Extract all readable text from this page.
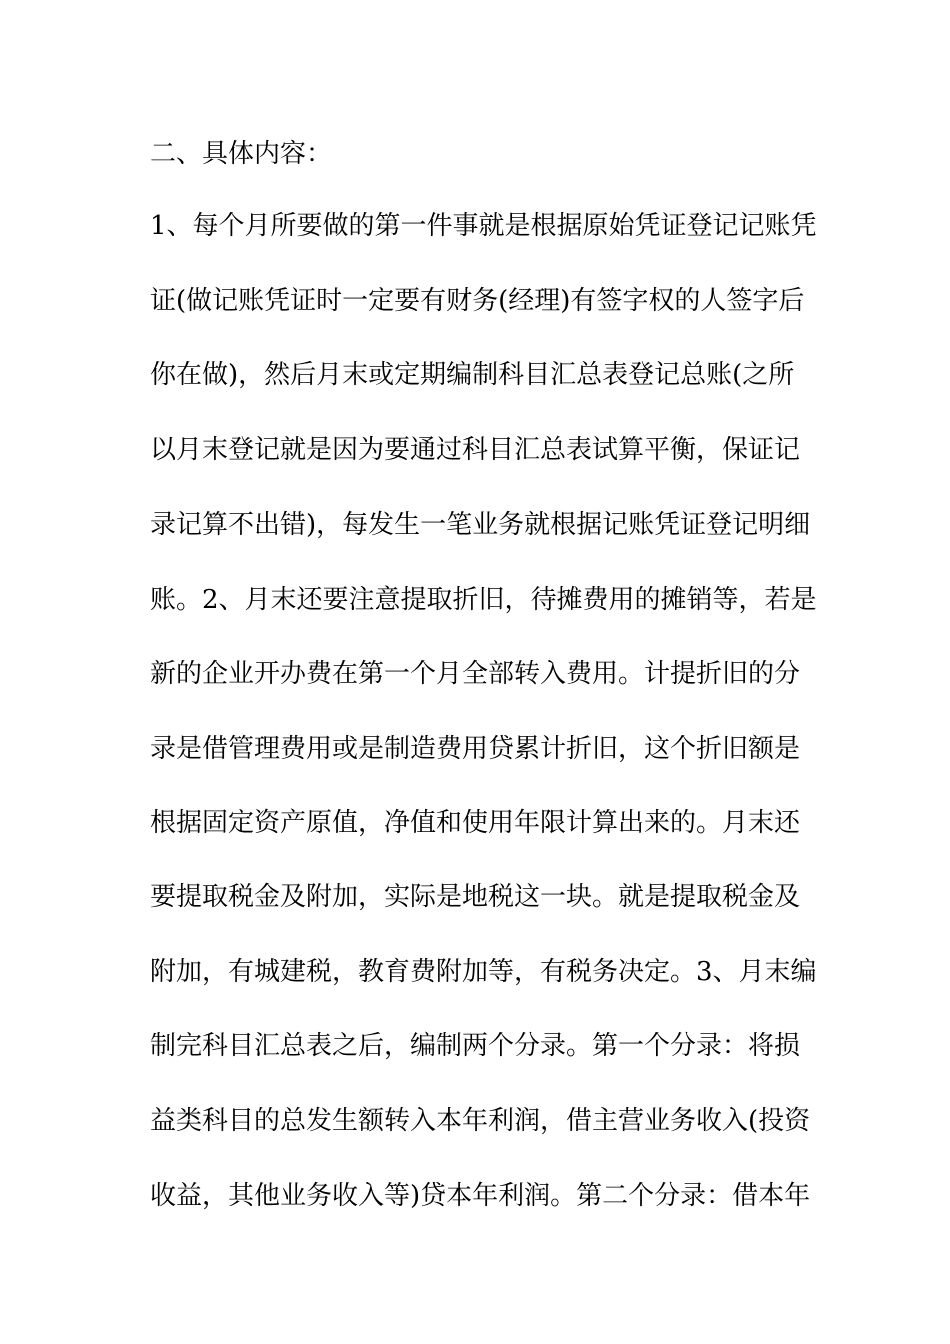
二、具体内容：
1、每个月所要做的第一件事就是根据原始凭证登记记账凭
证(做记账凭证时一定要有财务(经理)有签字权的人签字后
你在做)，然后月末或定期编制科目汇总表登记总账(之所
以月末登记就是因为要通过科目汇总表试算平衡，保证记
录记算不出错)，每发生一笔业务就根据记账凭证登记明细
账。2、月末还要注意提取折旧，待摊费用的摊销等，若是
新的企业开办费在第一个月全部转入费用。计提折旧的分
录是借管理费用或是制造费用贷累计折旧，这个折旧额是
根据固定资产原值，净值和使用年限计算出来的。月末还
要提取税金及附加，实际是地税这一块。就是提取税金及
附加，有城建税，教育费附加等，有税务决定。3、月末编
制完科目汇总表之后，编制两个分录。第一个分录：将损
益类科目的总发生额转入本年利润，借主营业务收入(投资
收益，其他业务收入等)贷本年利润。第二个分录：借本年
